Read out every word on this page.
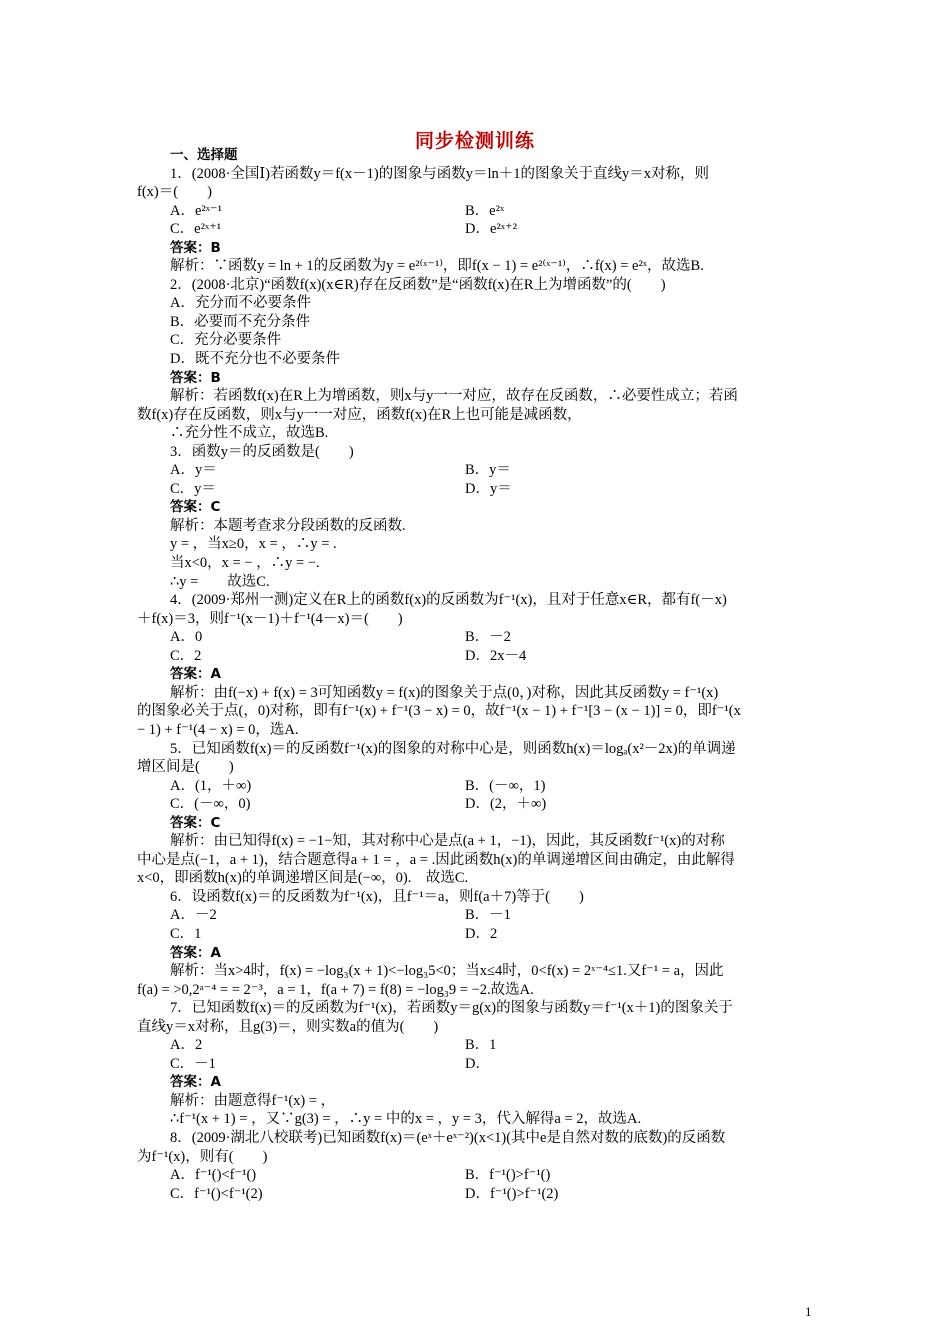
同步检测训练
一、选择题
1．(2008·全国Ⅰ)若函数y＝f(x－1)的图象与函数y＝ln＋1的图象关于直线y＝x对称，则
f(x)＝(　　)
A．e²ˣ⁻¹	B．e²ˣ
C．e²ˣ⁺¹	D．e²ˣ⁺²
答案：B
解析：∵函数y = ln + 1的反函数为y = e²⁽ˣ⁻¹⁾，即f(x − 1) = e²⁽ˣ⁻¹⁾，∴f(x) = e²ˣ，故选B.
2．(2008·北京)“函数f(x)(x∈R)存在反函数”是“函数f(x)在R上为增函数”的(　　)
A．充分而不必要条件
B．必要而不充分条件
C．充分必要条件
D．既不充分也不必要条件
答案：B
解析：若函数f(x)在R上为增函数，则x与y一一对应，故存在反函数，∴必要性成立；若函
数f(x)存在反函数，则x与y一一对应，函数f(x)在R上也可能是减函数，
∴充分性不成立，故选B.
3．函数y＝的反函数是(　　)
A．y＝	B．y＝
C．y＝	D．y＝
答案：C
解析：本题考查求分段函数的反函数.
y = ，当x≥0，x = ，∴y = .
当x<0，x = − ，∴y = −.
∴y =　　故选C.
4．(2009·郑州一测)定义在R上的函数f(x)的反函数为f⁻¹(x)，且对于任意x∈R，都有f(－x)
＋f(x)＝3，则f⁻¹(x－1)＋f⁻¹(4－x)＝(　　)
A．0	B．－2
C．2	D．2x－4
答案：A
解析：由f(−x) + f(x) = 3可知函数y = f(x)的图象关于点(0，)对称，因此其反函数y = f⁻¹(x)
的图象必关于点(，0)对称，即有f⁻¹(x) + f⁻¹(3 − x) = 0，故f⁻¹(x − 1) + f⁻¹[3 − (x − 1)] = 0，即f⁻¹(x
− 1) + f⁻¹(4 − x) = 0，选A.
5．已知函数f(x)＝的反函数f⁻¹(x)的图象的对称中心是，则函数h(x)＝logₐ(x²－2x)的单调递
增区间是(　　)
A．(1，＋∞)	B．(－∞，1)
C．(－∞，0)	D．(2，＋∞)
答案：C
解析：由已知得f(x) = −1−知，其对称中心是点(a + 1，−1)，因此，其反函数f⁻¹(x)的对称
中心是点(−1，a + 1)，结合题意得a + 1 = ，a = .因此函数h(x)的单调递增区间由确定，由此解得
x<0，即函数h(x)的单调递增区间是(−∞，0).　故选C.
6．设函数f(x)＝的反函数为f⁻¹(x)，且f⁻¹＝a，则f(a＋7)等于(　　)
A．－2	B．－1
C．1	D．2
答案：A
解析：当x>4时，f(x) = −log₃(x + 1)<−log₃5<0；当x≤4时，0<f(x) = 2ˣ⁻⁴≤1.又f⁻¹ = a，因此
f(a) = >0,2ᵃ⁻⁴ = = 2⁻³，a = 1，f(a + 7) = f(8) = −log₃9 = −2.故选A.
7．已知函数f(x)＝的反函数为f⁻¹(x)，若函数y＝g(x)的图象与函数y＝f⁻¹(x＋1)的图象关于
直线y＝x对称，且g(3)＝，则实数a的值为(　　)
A．2	B．1
C．－1	D．
答案：A
解析：由题意得f⁻¹(x) = ，
∴f⁻¹(x + 1) = ，又∵g(3) = ，∴y = 中的x = ，y = 3，代入解得a = 2，故选A.
8．(2009·湖北八校联考)已知函数f(x)＝(eˣ＋eˣ⁻²)(x<1)(其中e是自然对数的底数)的反函数
为f⁻¹(x)，则有(　　)
A．f⁻¹()<f⁻¹()	B．f⁻¹()>f⁻¹()
C．f⁻¹()<f⁻¹(2)	D．f⁻¹()>f⁻¹(2)
1
